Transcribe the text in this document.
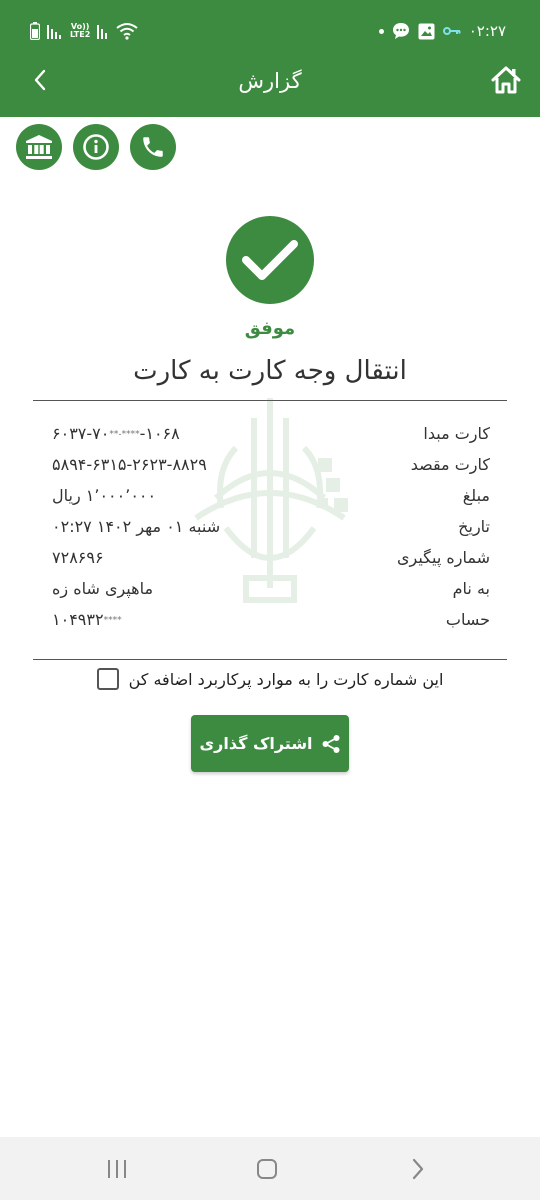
Vo))
LTE2	۰۲:۲۷
گزارش
موفق
انتقال وجه کارت به کارت
کارت مبدا
۶۰۳۷-۷۰**-****-۱۰۶۸
کارت مقصد
۵۸۹۴-۶۳۱۵-۲۶۲۳-۸۸۲۹
مبلغ
۱٬۰۰۰٬۰۰۰ ریال
تاریخ
شنبه ۰۱ مهر ۱۴۰۲ ۰۲:۲۷
شماره پیگیری
۷۲۸۶۹۶
به نام
ماهپری شاه زه
حساب
۱۰۴۹۳۲****
این شماره کارت را به موارد پرکاربرد اضافه کن
اشتراک گذاری
